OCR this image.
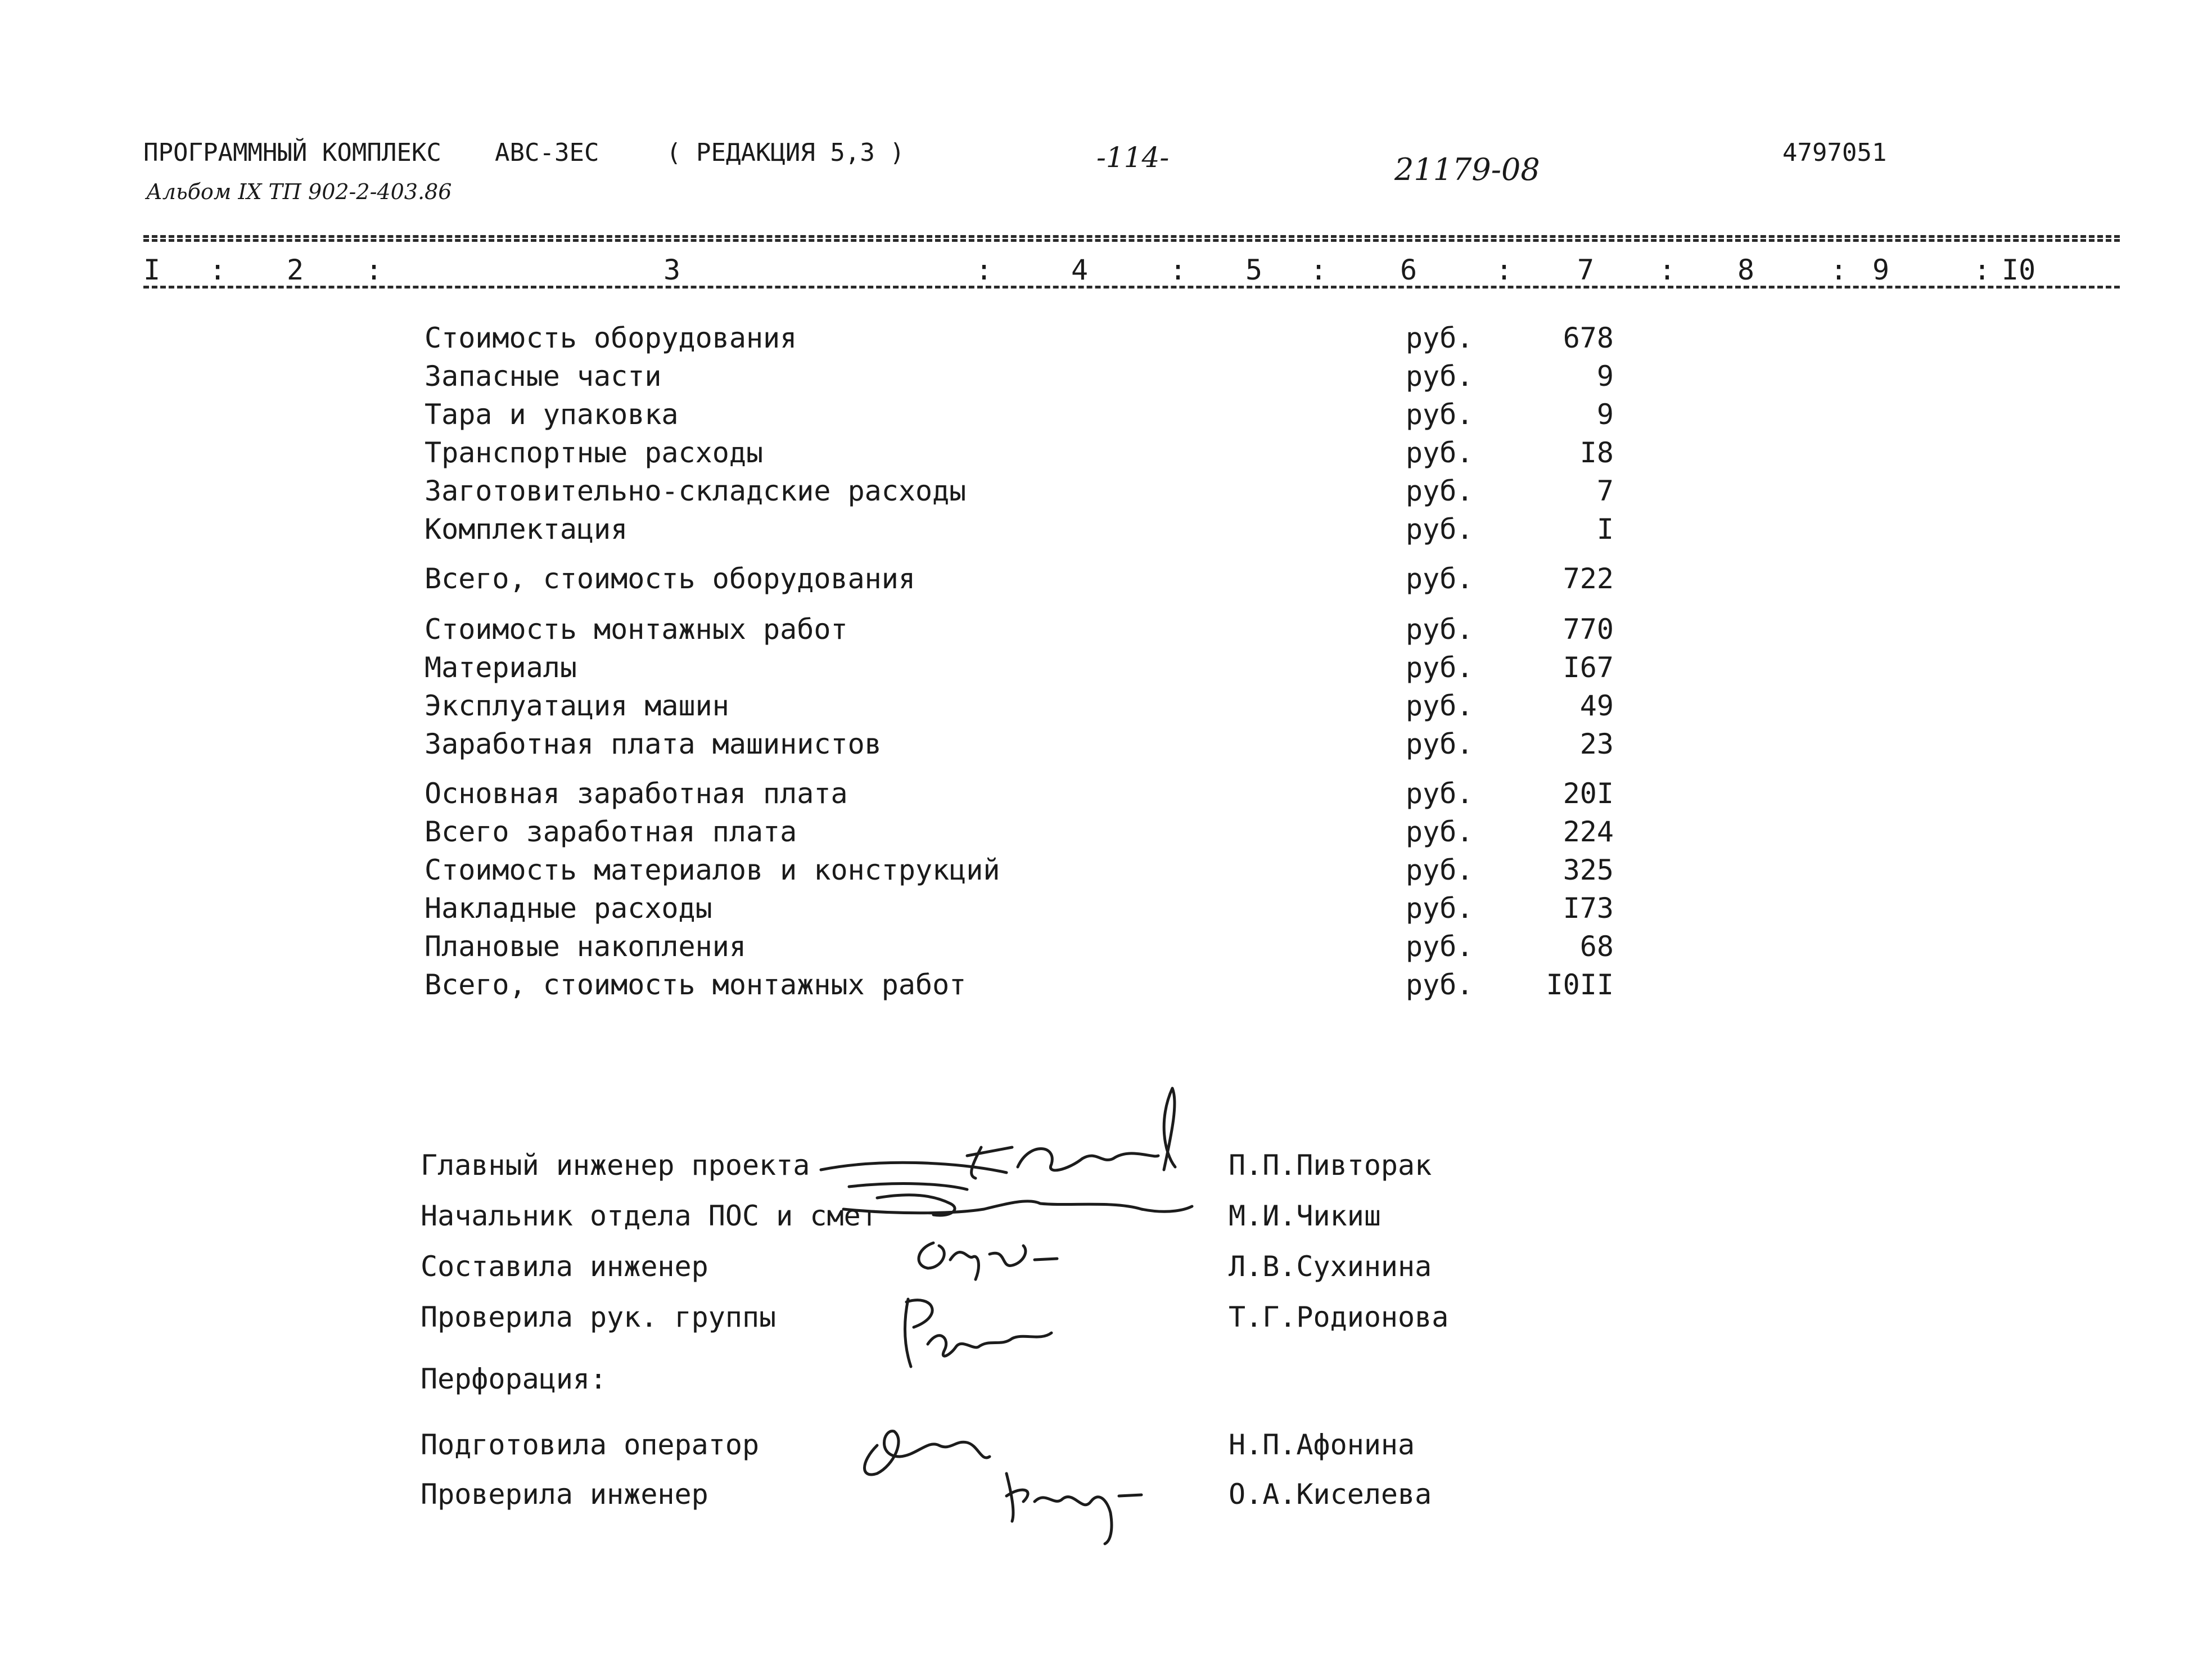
ПРОГРАММНЫЙ КОМПЛЕКС АВС-3ЕС	( РЕДАКЦИЯ 5,3 )	-114-	21179-08	4797051
Альбом IX ТП 902-2-403.86
I : 2 :	3	:	4	: 5 :	6	: 7 : 8	: 9	: I0
Стоимость оборудования	руб.	678
Запасные части	руб.	9
Тара и упаковка	руб.	9
Транспортные расходы	руб.	I8
Заготовительно-складские расходы	руб.	7
Комплектация	руб.	I
Всего, стоимость оборудования	руб.	722
Стоимость монтажных работ	руб.	770
Материалы	руб.	I67
Эксплуатация машин	руб.	49
Заработная плата машинистов	руб.	23
Основная заработная плата	руб.	20I
Всего заработная плата	руб.	224
Стоимость материалов и конструкций	руб.	325
Накладные расходы	руб.	I73
Плановые накопления	руб.	68
Всего, стоимость монтажных работ	руб.	I0II
Главный инженер проекта	П.П.Пивторак
Начальник отдела ПОС и смет	М.И.Чикиш
Составила инженер	Л.В.Сухинина
Проверила рук. группы	Т.Г.Родионова
Перфорация:
Подготовила оператор	Н.П.Афонина
Проверила инженер	О.А.Киселева
